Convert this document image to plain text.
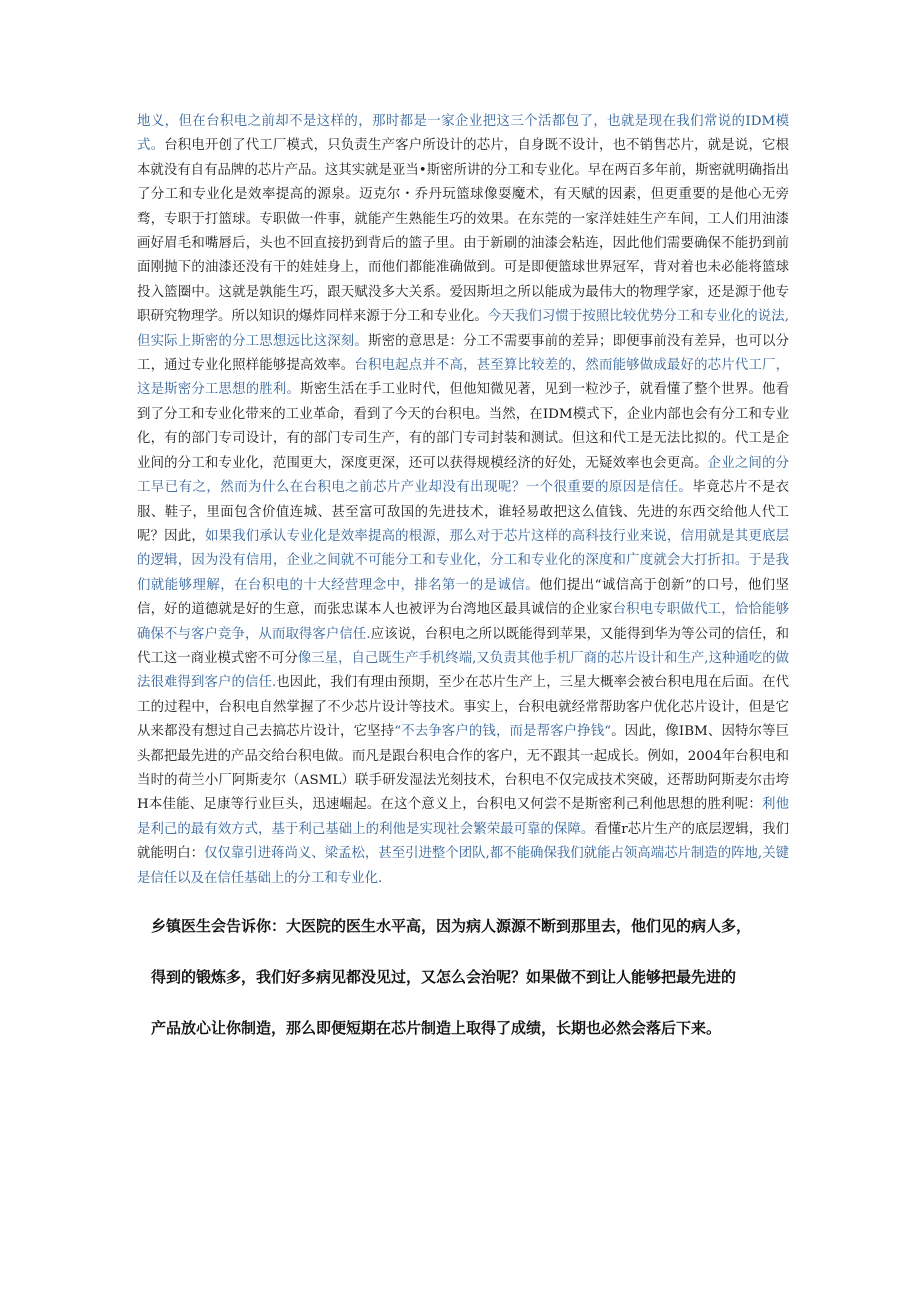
地义，但在台积电之前却不是这样的，那时都是一家企业把这三个活都包了，也就是现在我们常说的IDM模式。台积电开创了代工厂模式，只负责生产客户所设计的芯片，自身既不设计，也不销售芯片，就是说，它根本就没有自有品牌的芯片产品。这其实就是亚当•斯密所讲的分工和专业化。早在两百多年前，斯密就明确指出了分工和专业化是效率提高的源泉。迈克尔・乔丹玩篮球像耍魔术，有天赋的因素，但更重要的是他心无旁骛，专职于打篮球。专职做一件事，就能产生熟能生巧的效果。在东莞的一家洋娃娃生产车间，工人们用油漆画好眉毛和嘴唇后，头也不回直接扔到背后的篮子里。由于新刷的油漆会粘连，因此他们需要确保不能扔到前面刚抛下的油漆还没有干的娃娃身上，而他们都能准确做到。可是即便篮球世界冠军，背对着也未必能将篮球投入篮圈中。这就是孰能生巧，跟天赋没多大关系。爱因斯坦之所以能成为最伟大的物理学家，还是源于他专职研究物理学。所以知识的爆炸同样来源于分工和专业化。今天我们习惯于按照比较优势分工和专业化的说法,但实际上斯密的分工思想远比这深刻。斯密的意思是：分工不需要事前的差异；即便事前没有差异，也可以分工，通过专业化照样能够提高效率。台积电起点并不高，甚至算比较差的，然而能够做成最好的芯片代工厂，这是斯密分工思想的胜利。斯密生活在手工业时代，但他知微见著，见到一粒沙子，就看懂了整个世界。他看到了分工和专业化带来的工业革命，看到了今天的台积电。当然，在IDM模式下，企业内部也会有分工和专业化，有的部门专司设计，有的部门专司生产，有的部门专司封装和测试。但这和代工是无法比拟的。代工是企业间的分工和专业化，范围更大，深度更深，还可以获得规模经济的好处，无疑效率也会更高。企业之间的分工早已有之，然而为什么在台积电之前芯片产业却没有出现呢？一个很重要的原因是信任。毕竟芯片不是衣服、鞋子，里面包含价值连城、甚至富可敌国的先进技术，谁轻易敢把这么值钱、先进的东西交给他人代工呢？因此，如果我们承认专业化是效率提高的根源，那么对于芯片这样的高科技行业来说，信用就是其更底层的逻辑，因为没有信用，企业之间就不可能分工和专业化，分工和专业化的深度和广度就会大打折扣。于是我们就能够理解，在台积电的十大经营理念中，排名第一的是诚信。他们提出“诚信高于创新”的口号，他们坚信，好的道德就是好的生意，而张忠谋本人也被评为台湾地区最具诚信的企业家台积电专职做代工，恰恰能够确保不与客户竞争，从而取得客户信任.应该说，台积电之所以既能得到苹果，又能得到华为等公司的信任，和代工这一商业模式密不可分像三星，自己既生产手机终端,又负责其他手机厂商的芯片设计和生产,这种通吃的做法很难得到客户的信任.也因此，我们有理由预期，至少在芯片生产上，三星大概率会被台积电甩在后面。在代工的过程中，台积电自然掌握了不少芯片设计等技术。事实上，台积电就经常帮助客户优化芯片设计，但是它从来都没有想过自己去搞芯片设计，它坚持“不去争客户的钱，而是帮客户挣钱“。因此，像IBM、因特尔等巨头都把最先进的产品交给台积电做。而凡是跟台积电合作的客户，无不跟其一起成长。例如，2004年台积电和当时的荷兰小厂阿斯麦尔（ASML）联手研发湿法光刻技术，台积电不仅完成技术突破，还帮助阿斯麦尔击垮H本佳能、足康等行业巨头，迅速崛起。在这个意义上，台积电又何尝不是斯密利己利他思想的胜利呢：利他是利己的最有效方式，基于利己基础上的利他是实现社会繁荣最可靠的保障。看懂r芯片生产的底层逻辑，我们就能明白：仅仅靠引进蒋尚义、梁孟松，甚至引进整个团队,都不能确保我们就能占领高端芯片制造的阵地,关键是信任以及在信任基础上的分工和专业化.

乡镇医生会告诉你：大医院的医生水平高，因为病人源源不断到那里去，他们见的病人多，

得到的锻炼多，我们好多病见都没见过，又怎么会治呢？如果做不到让人能够把最先进的

产品放心让你制造，那么即便短期在芯片制造上取得了成绩，长期也必然会落后下来。
